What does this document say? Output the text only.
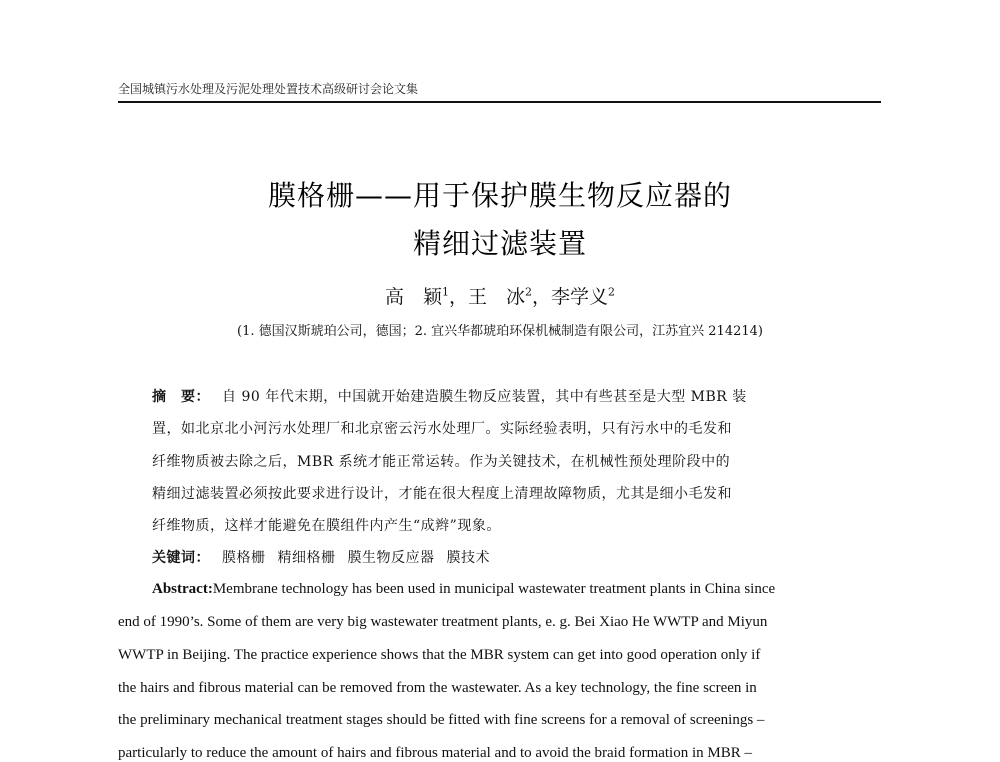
全国城镇污水处理及污泥处理处置技术高级研讨会论文集
膜格栅——用于保护膜生物反应器的
精细过滤装置
高　颖$^1$，王　冰$^2$，李学义$^2$
(1. 德国汉斯琥珀公司，德国；2. 宜兴华都琥珀环保机械制造有限公司，江苏宜兴 214214)
摘　要： 自 90 年代末期，中国就开始建造膜生物反应装置，其中有些甚至是大型 MBR 装
置，如北京北小河污水处理厂和北京密云污水处理厂。实际经验表明，只有污水中的毛发和
纤维物质被去除之后，MBR 系统才能正常运转。作为关键技术，在机械性预处理阶段中的
精细过滤装置必须按此要求进行设计，才能在很大程度上清理故障物质，尤其是细小毛发和
纤维物质，这样才能避免在膜组件内产生“成辫”现象。
关键词： 膜格栅 精细格栅 膜生物反应器 膜技术
Abstract:Membrane technology has been used in municipal wastewater treatment plants in China since
end of 1990’s. Some of them are very big wastewater treatment plants, e. g. Bei Xiao He WWTP and Miyun
WWTP in Beijing. The practice experience shows that the MBR system can get into good operation only if
the hairs and fibrous material can be removed from the wastewater. As a key technology, the fine screen in
the preliminary mechanical treatment stages should be fitted with fine screens for a removal of screenings –
particularly to reduce the amount of hairs and fibrous material and to avoid the braid formation in MBR –
